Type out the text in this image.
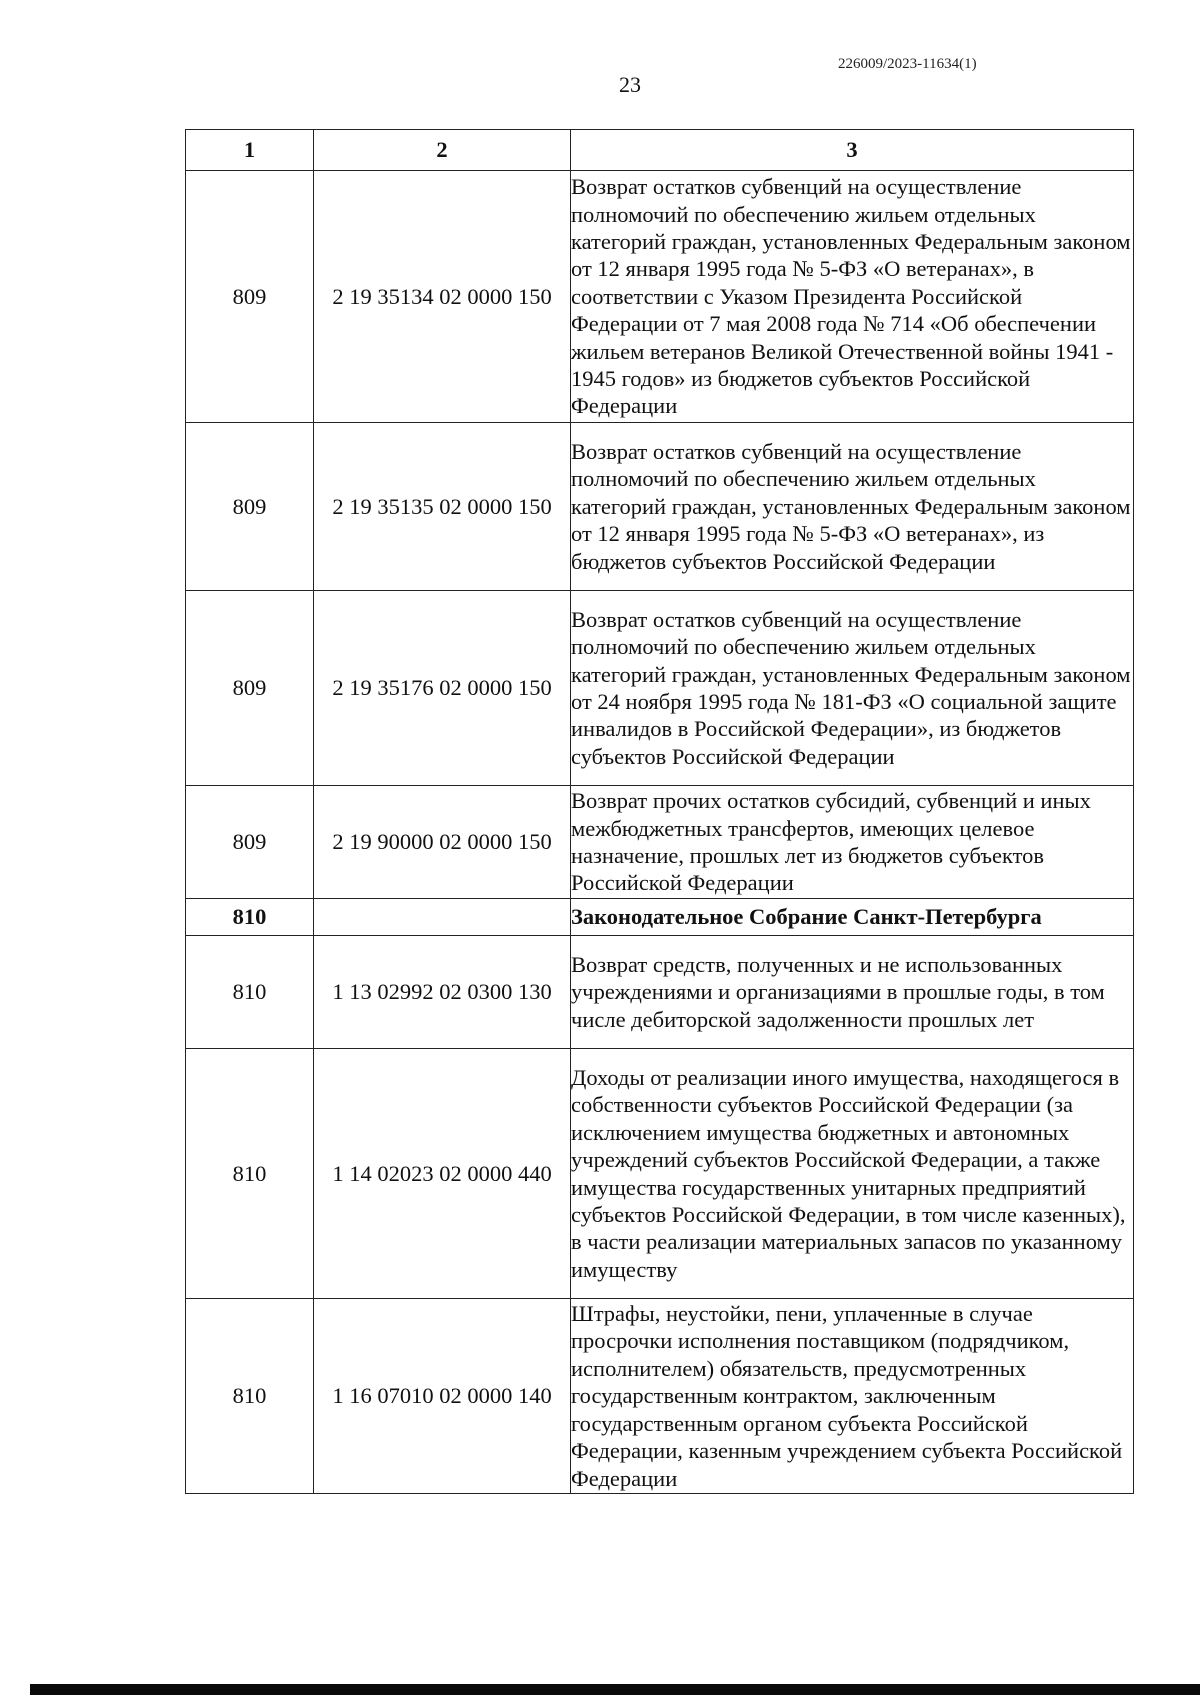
226009/2023-11634(1)
23
1	2	3
809	2 19 35134 02 0000 150	Возврат остатков субвенций на осуществление полномочий по обеспечению жильем отдельных категорий граждан, установленных Федеральным законом от 12 января 1995 года № 5-ФЗ «О ветеранах», в соответствии с Указом Президента Российской Федерации от 7 мая 2008 года № 714 «Об обеспечении жильем ветеранов Великой Отечественной войны 1941 - 1945 годов» из бюджетов субъектов Российской Федерации
809	2 19 35135 02 0000 150	Возврат остатков субвенций на осуществление полномочий по обеспечению жильем отдельных категорий граждан, установленных Федеральным законом от 12 января 1995 года № 5-ФЗ «О ветеранах», из бюджетов субъектов Российской Федерации
809	2 19 35176 02 0000 150	Возврат остатков субвенций на осуществление полномочий по обеспечению жильем отдельных категорий граждан, установленных Федеральным законом от 24 ноября 1995 года № 181-ФЗ «О социальной защите инвалидов в Российской Федерации», из бюджетов субъектов Российской Федерации
809	2 19 90000 02 0000 150	Возврат прочих остатков субсидий, субвенций и иных межбюджетных трансфертов, имеющих целевое назначение, прошлых лет из бюджетов субъектов Российской Федерации
810		Законодательное Собрание Санкт-Петербурга
810	1 13 02992 02 0300 130	Возврат средств, полученных и не использованных учреждениями и организациями в прошлые годы, в том числе дебиторской задолженности прошлых лет
810	1 14 02023 02 0000 440	Доходы от реализации иного имущества, находящегося в собственности субъектов Российской Федерации (за исключением имущества бюджетных и автономных учреждений субъектов Российской Федерации, а также имущества государственных унитарных предприятий субъектов Российской Федерации, в том числе казенных), в части реализации материальных запасов по указанному имуществу
810	1 16 07010 02 0000 140	Штрафы, неустойки, пени, уплаченные в случае просрочки исполнения поставщиком (подрядчиком, исполнителем) обязательств, предусмотренных государственным контрактом, заключенным государственным органом субъекта Российской Федерации, казенным учреждением субъекта Российской Федерации
